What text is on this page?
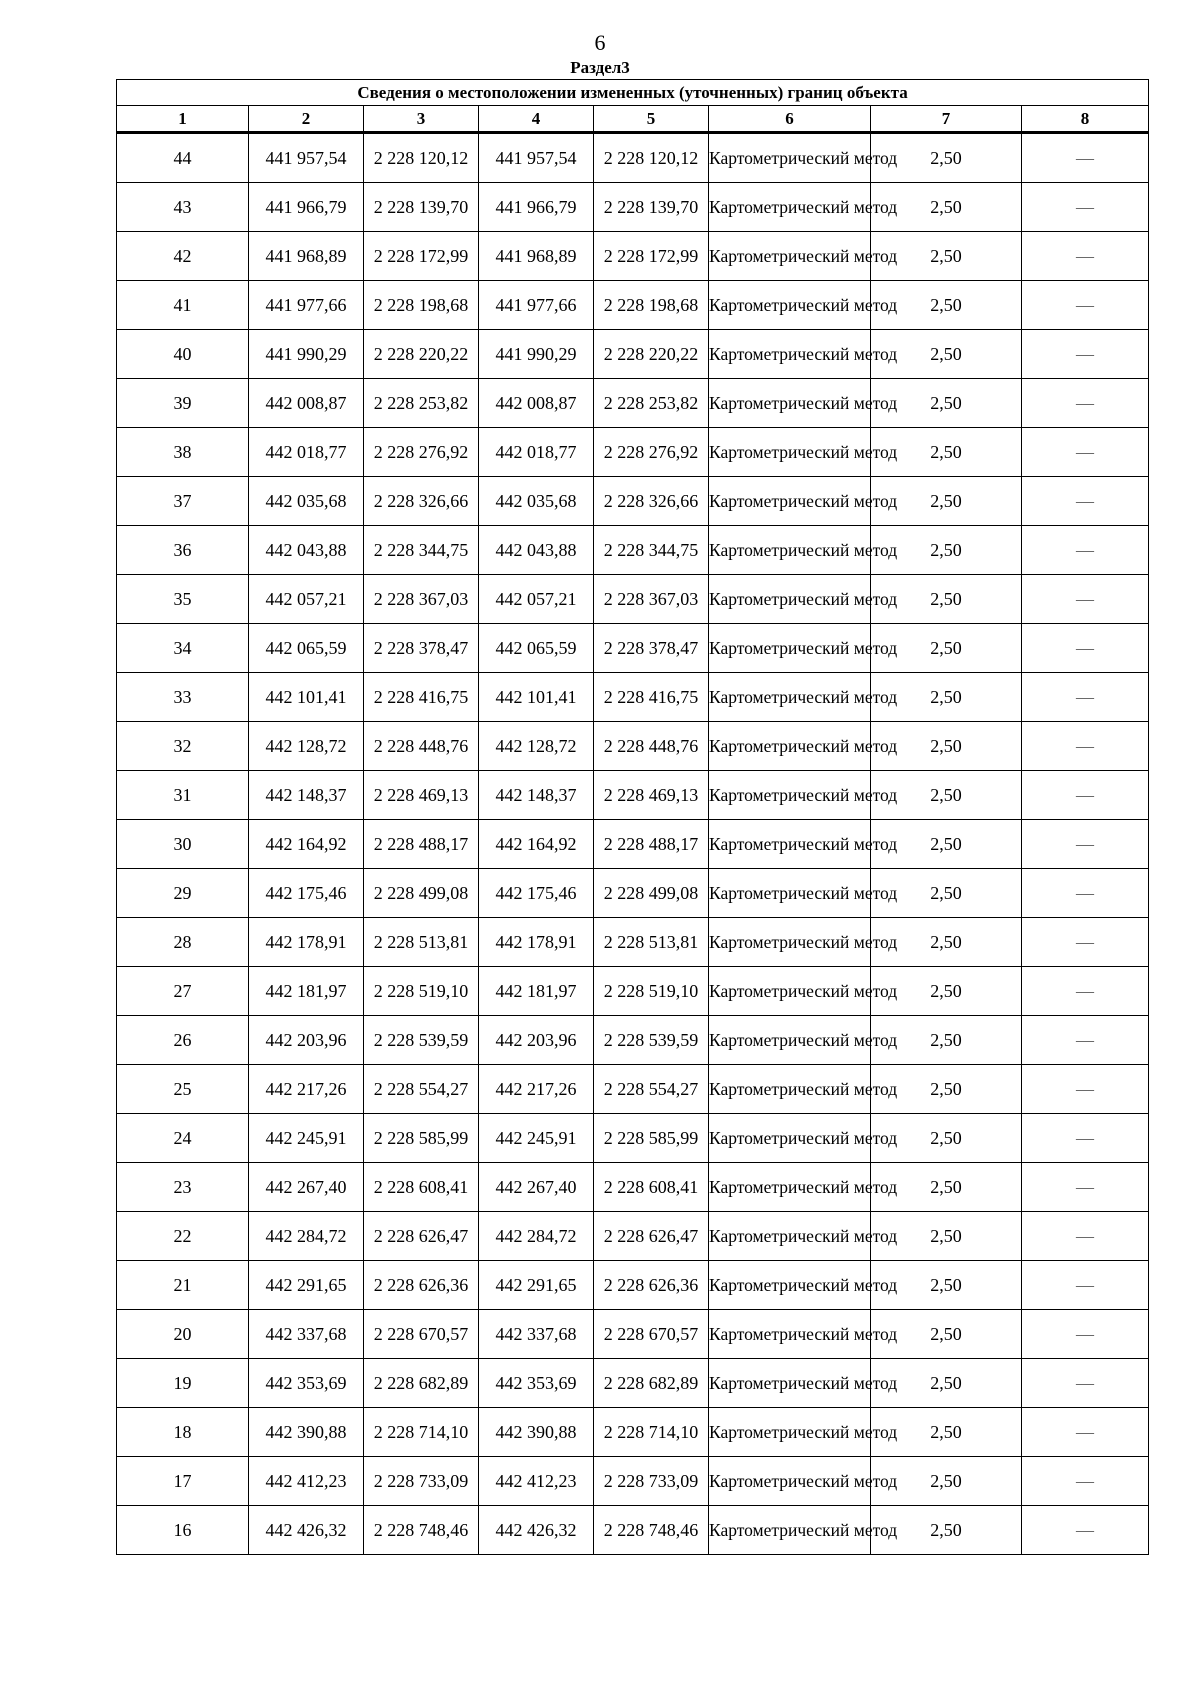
6
Раздел3
Сведения о местоположении измененных (уточненных) границ объекта							
1	2	3	4	5	6	7	8
44	441 957,54	2 228 120,12	441 957,54	2 228 120,12	Картометрический метод	2,50	—
43	441 966,79	2 228 139,70	441 966,79	2 228 139,70	Картометрический метод	2,50	—
42	441 968,89	2 228 172,99	441 968,89	2 228 172,99	Картометрический метод	2,50	—
41	441 977,66	2 228 198,68	441 977,66	2 228 198,68	Картометрический метод	2,50	—
40	441 990,29	2 228 220,22	441 990,29	2 228 220,22	Картометрический метод	2,50	—
39	442 008,87	2 228 253,82	442 008,87	2 228 253,82	Картометрический метод	2,50	—
38	442 018,77	2 228 276,92	442 018,77	2 228 276,92	Картометрический метод	2,50	—
37	442 035,68	2 228 326,66	442 035,68	2 228 326,66	Картометрический метод	2,50	—
36	442 043,88	2 228 344,75	442 043,88	2 228 344,75	Картометрический метод	2,50	—
35	442 057,21	2 228 367,03	442 057,21	2 228 367,03	Картометрический метод	2,50	—
34	442 065,59	2 228 378,47	442 065,59	2 228 378,47	Картометрический метод	2,50	—
33	442 101,41	2 228 416,75	442 101,41	2 228 416,75	Картометрический метод	2,50	—
32	442 128,72	2 228 448,76	442 128,72	2 228 448,76	Картометрический метод	2,50	—
31	442 148,37	2 228 469,13	442 148,37	2 228 469,13	Картометрический метод	2,50	—
30	442 164,92	2 228 488,17	442 164,92	2 228 488,17	Картометрический метод	2,50	—
29	442 175,46	2 228 499,08	442 175,46	2 228 499,08	Картометрический метод	2,50	—
28	442 178,91	2 228 513,81	442 178,91	2 228 513,81	Картометрический метод	2,50	—
27	442 181,97	2 228 519,10	442 181,97	2 228 519,10	Картометрический метод	2,50	—
26	442 203,96	2 228 539,59	442 203,96	2 228 539,59	Картометрический метод	2,50	—
25	442 217,26	2 228 554,27	442 217,26	2 228 554,27	Картометрический метод	2,50	—
24	442 245,91	2 228 585,99	442 245,91	2 228 585,99	Картометрический метод	2,50	—
23	442 267,40	2 228 608,41	442 267,40	2 228 608,41	Картометрический метод	2,50	—
22	442 284,72	2 228 626,47	442 284,72	2 228 626,47	Картометрический метод	2,50	—
21	442 291,65	2 228 626,36	442 291,65	2 228 626,36	Картометрический метод	2,50	—
20	442 337,68	2 228 670,57	442 337,68	2 228 670,57	Картометрический метод	2,50	—
19	442 353,69	2 228 682,89	442 353,69	2 228 682,89	Картометрический метод	2,50	—
18	442 390,88	2 228 714,10	442 390,88	2 228 714,10	Картометрический метод	2,50	—
17	442 412,23	2 228 733,09	442 412,23	2 228 733,09	Картометрический метод	2,50	—
16	442 426,32	2 228 748,46	442 426,32	2 228 748,46	Картометрический метод	2,50	—
